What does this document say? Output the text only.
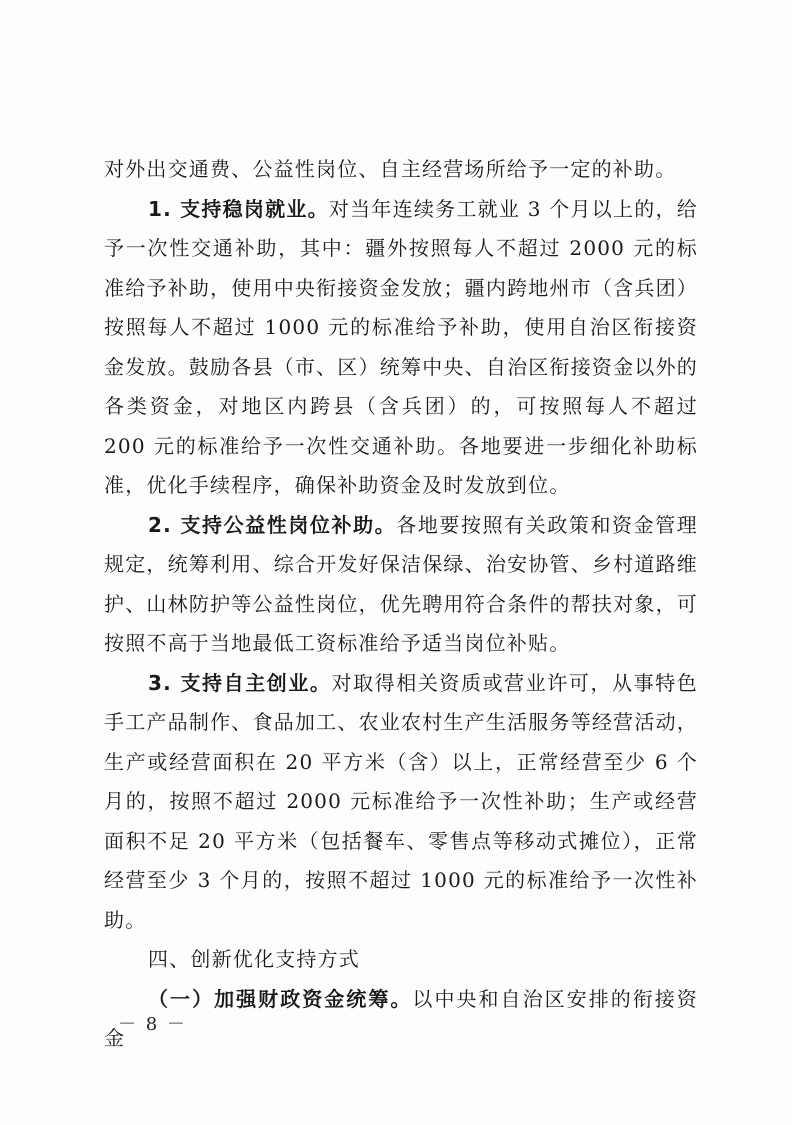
对外出交通费、公益性岗位、自主经营场所给予一定的补助。

1. 支持稳岗就业。对当年连续务工就业 3 个月以上的，给予一次性交通补助，其中：疆外按照每人不超过 2000 元的标准给予补助，使用中央衔接资金发放；疆内跨地州市（含兵团）按照每人不超过 1000 元的标准给予补助，使用自治区衔接资金发放。鼓励各县（市、区）统筹中央、自治区衔接资金以外的各类资金，对地区内跨县（含兵团）的，可按照每人不超过 200 元的标准给予一次性交通补助。各地要进一步细化补助标准，优化手续程序，确保补助资金及时发放到位。

2. 支持公益性岗位补助。各地要按照有关政策和资金管理规定，统筹利用、综合开发好保洁保绿、治安协管、乡村道路维护、山林防护等公益性岗位，优先聘用符合条件的帮扶对象，可按照不高于当地最低工资标准给予适当岗位补贴。

3. 支持自主创业。对取得相关资质或营业许可，从事特色手工产品制作、食品加工、农业农村生产生活服务等经营活动，生产或经营面积在 20 平方米（含）以上，正常经营至少 6 个月的，按照不超过 2000 元标准给予一次性补助；生产或经营面积不足 20 平方米（包括餐车、零售点等移动式摊位），正常经营至少 3 个月的，按照不超过 1000 元的标准给予一次性补助。

四、创新优化支持方式

（一）加强财政资金统筹。以中央和自治区安排的衔接资金

－ 8 －
